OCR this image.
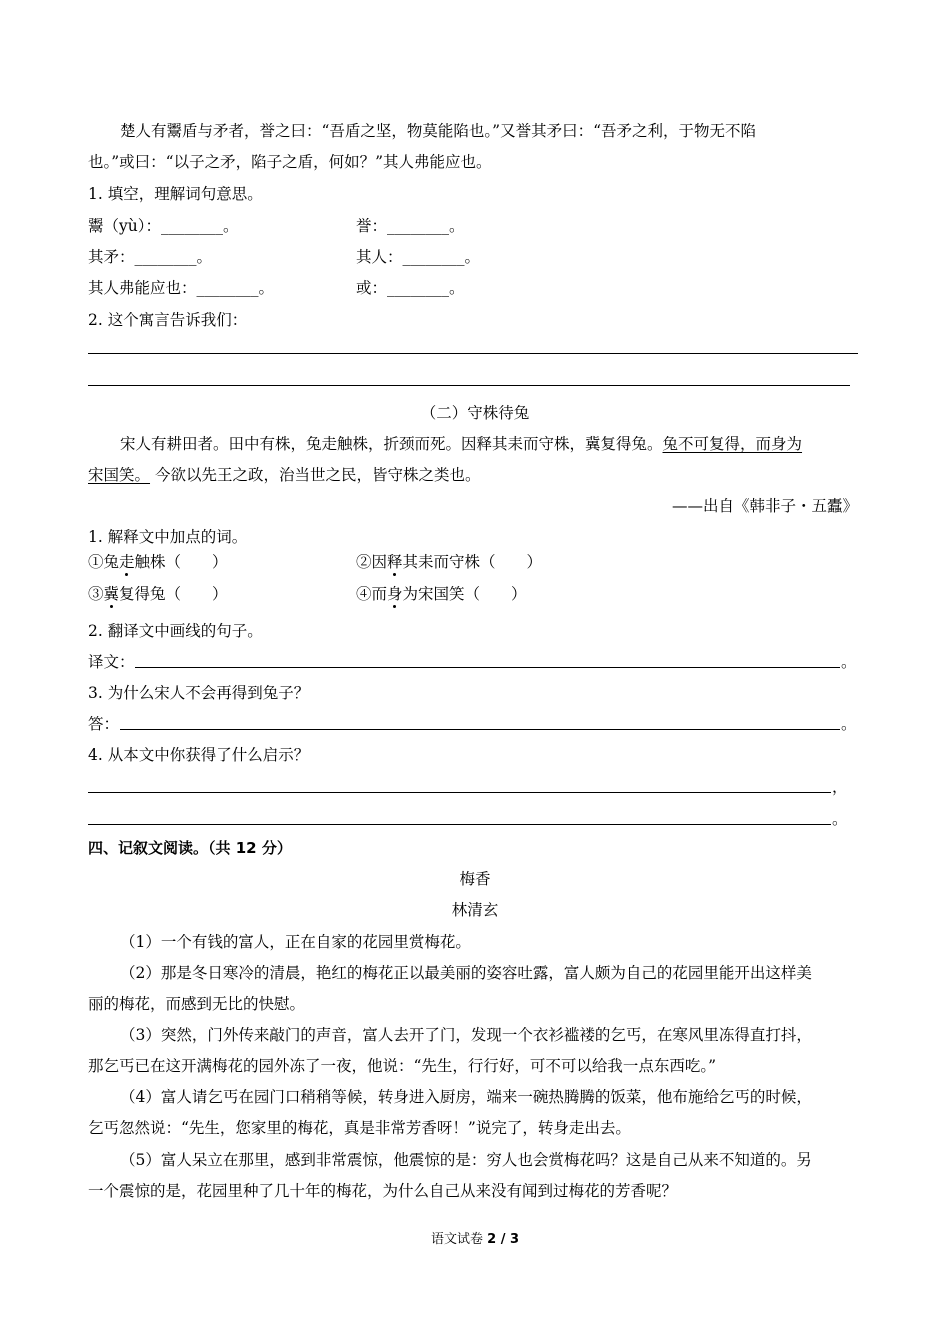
楚人有鬻盾与矛者，誉之曰：“吾盾之坚，物莫能陷也。”又誉其矛曰：“吾矛之利，于物无不陷
也。”或曰：“以子之矛，陷子之盾，何如？”其人弗能应也。
1. 填空，理解词句意思。
鬻（yù）：________。	誉：________。
其矛：________。	其人：________。
其人弗能应也：________。	或：________。
2. 这个寓言告诉我们：
（二）守株待兔
宋人有耕田者。田中有株，兔走触株，折颈而死。因释其耒而守株，冀复得兔。兔不可复得，而身为
宋国笑。 今欲以先王之政，治当世之民，皆守株之类也。
——出自《韩非子・五蠹》
1. 解释文中加点的词。
①兔走触株（　　）	②因释其耒而守株（　　）
③冀复得兔（　　）	④而身为宋国笑（　　）
2. 翻译文中画线的句子。
译文：	。
3. 为什么宋人不会再得到兔子？
答：	。
4. 从本文中你获得了什么启示？
，
。
四、记叙文阅读。（共 12 分）
梅香
林清玄
（1）一个有钱的富人，正在自家的花园里赏梅花。
（2）那是冬日寒冷的清晨，艳红的梅花正以最美丽的姿容吐露，富人颇为自己的花园里能开出这样美
丽的梅花，而感到无比的快慰。
（3）突然，门外传来敲门的声音，富人去开了门，发现一个衣衫褴褛的乞丐，在寒风里冻得直打抖，
那乞丐已在这开满梅花的园外冻了一夜，他说：“先生，行行好，可不可以给我一点东西吃。”
（4）富人请乞丐在园门口稍稍等候，转身进入厨房，端来一碗热腾腾的饭菜，他布施给乞丐的时候，
乞丐忽然说：“先生，您家里的梅花，真是非常芳香呀！”说完了，转身走出去。
（5）富人呆立在那里，感到非常震惊，他震惊的是：穷人也会赏梅花吗？这是自己从来不知道的。另
一个震惊的是，花园里种了几十年的梅花，为什么自己从来没有闻到过梅花的芳香呢？
语文试卷 2 / 3
